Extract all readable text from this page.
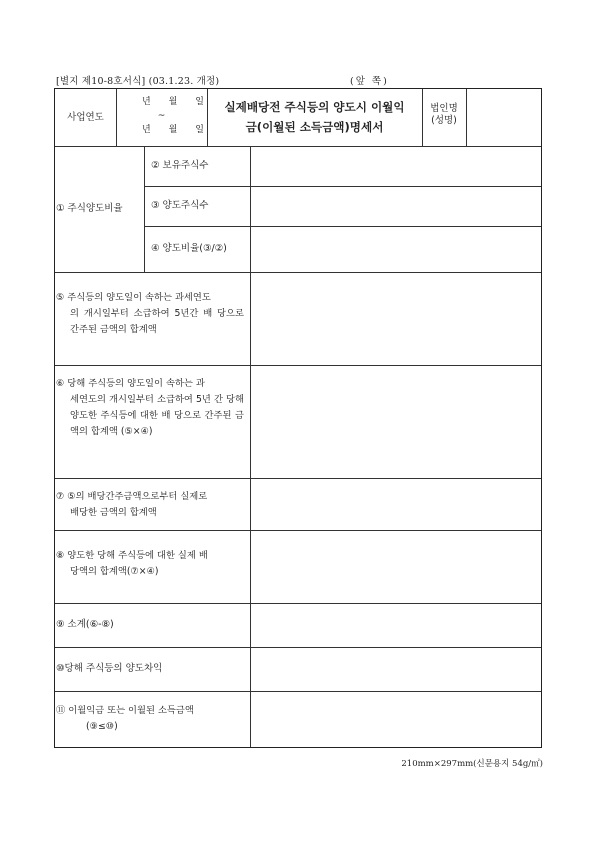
[별지 제10-8호서식] (03.1.23. 개정)	(앞 쪽)
사업연도
년 월 일
~
년 월 일
실제배당전 주식등의 양도시 이월익
금(이월된 소득금액)명세서
법인명
(성명)
① 주식양도비율
② 보유주식수
③ 양도주식수
④ 양도비율(③/②)
⑤ 주식등의 양도일이 속하는 과세연도
의 개시일부터 소급하여 5년간 배 당으로 간주된 금액의 합계액
⑥ 당해 주식등의 양도일이 속하는 과
세연도의 개시일부터 소급하여 5년 간 당해 양도한 주식등에 대한 배 당으로 간주된 금액의 합계액 (⑤×④)
⑦ ⑤의 배당간주금액으로부터 실제로
배당한 금액의 합계액
⑧ 양도한 당해 주식등에 대한 실제 배
당액의 합계액(⑦×④)
⑨ 소계(⑥-⑧)
⑩당해 주식등의 양도차익
⑪ 이월익금 또는 이월된 소득금액
(⑨≤⑩)
210mm×297mm(신문용지 54g/㎡)
